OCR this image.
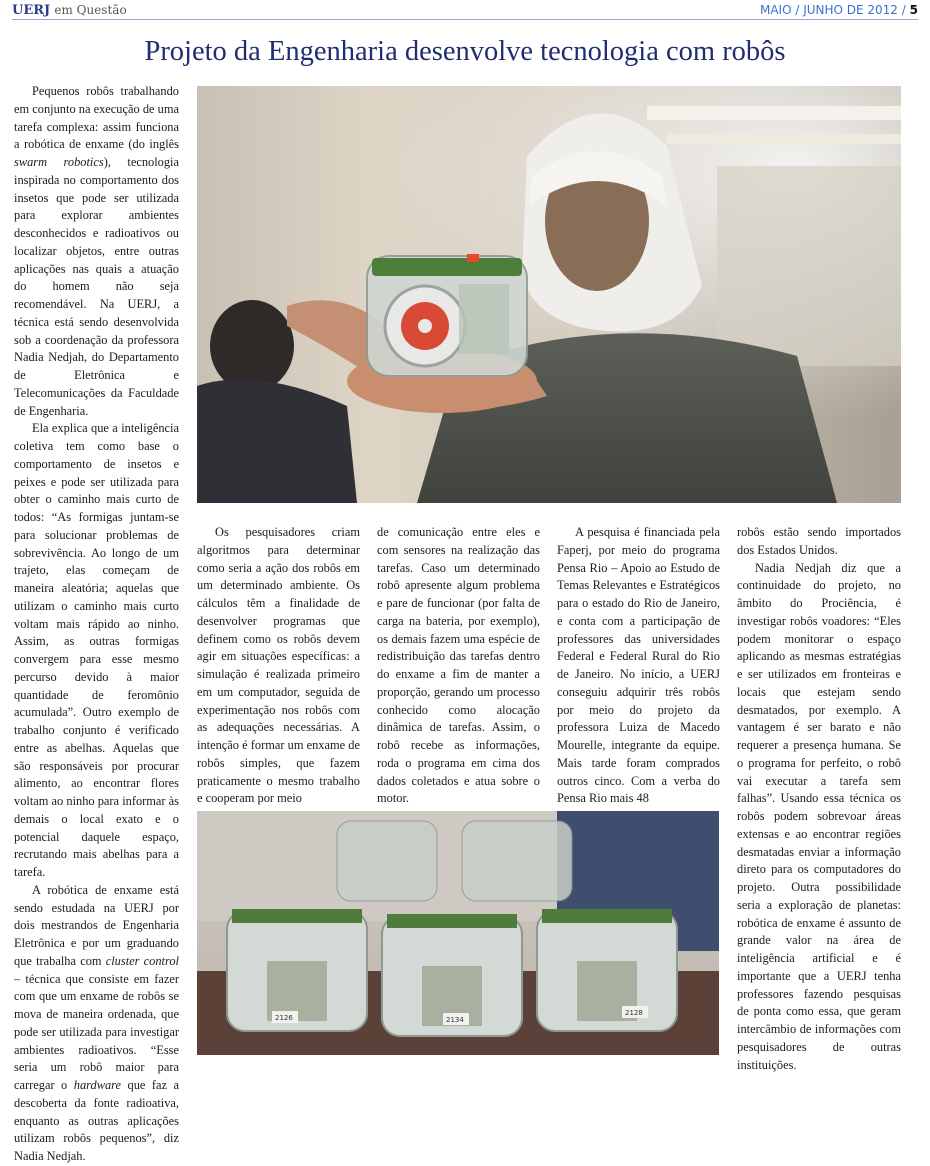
UERJ em Questão	MAIO / JUNHO DE 2012 / 5
Projeto da Engenharia desenvolve tecnologia com robôs
2126	2134
2128

Pequenos robôs trabalhando em conjunto na execução de uma tarefa complexa: assim funciona a robótica de enxame (do inglês swarm robotics), tecnologia inspirada no comportamento dos insetos que pode ser utilizada para explorar ambientes desconhecidos e radioativos ou localizar objetos, entre outras aplicações nas quais a atuação do homem não seja recomendável. Na UERJ, a técnica está sendo desenvolvida sob a coordenação da professora Nadia Nedjah, do Departamento de Eletrônica e Telecomunicações da Faculdade de Engenharia.

Ela explica que a inteligência coletiva tem como base o comportamento de insetos e peixes e pode ser utilizada para obter o caminho mais curto de todos: “As formigas juntam-se para solucionar problemas de sobrevivência. Ao longo de um trajeto, elas começam de maneira aleatória; aquelas que utilizam o caminho mais curto voltam mais rápido ao ninho. Assim, as outras formigas convergem para esse mesmo percurso devido à maior quantidade de feromônio acumulada”. Outro exemplo de trabalho conjunto é verificado entre as abelhas. Aquelas que são responsáveis por procurar alimento, ao encontrar flores voltam ao ninho para informar às demais o local exato e o potencial daquele espaço, recrutando mais abelhas para a tarefa.

A robótica de enxame está sendo estudada na UERJ por dois mestrandos de Engenharia Eletrônica e por um graduando que trabalha com cluster control – técnica que consiste em fazer com que um enxame de robôs se mova de maneira ordenada, que pode ser utilizada para investigar ambientes radioativos. “Esse seria um robô maior para carregar o hardware que faz a descoberta da fonte radioativa, enquanto as outras aplicações utilizam robôs pequenos”, diz Nadia Nedjah.

Os pesquisadores criam algoritmos para determinar como seria a ação dos robôs em um determinado ambiente. Os cálculos têm a finalidade de desenvolver programas que definem como os robôs devem agir em situações específicas: a simulação é realizada primeiro em um computador, seguida de experimentação nos robôs com as adequações necessárias. A intenção é formar um enxame de robôs simples, que fazem praticamente o mesmo trabalho e cooperam por meio

de comunicação entre eles e com sensores na realização das tarefas. Caso um determinado robô apresente algum problema e pare de funcionar (por falta de carga na bateria, por exemplo), os demais fazem uma espécie de redistribuição das tarefas dentro do enxame a fim de manter a proporção, gerando um processo conhecido como alocação dinâmica de tarefas. Assim, o robô recebe as informações, roda o programa em cima dos dados coletados e atua sobre o motor.

A pesquisa é financiada pela Faperj, por meio do programa Pensa Rio – Apoio ao Estudo de Temas Relevantes e Estratégicos para o estado do Rio de Janeiro, e conta com a participação de professores das universidades Federal e Federal Rural do Rio de Janeiro. No início, a UERJ conseguiu adquirir três robôs por meio do projeto da professora Luiza de Macedo Mourelle, integrante da equipe. Mais tarde foram comprados outros cinco. Com a verba do Pensa Rio mais 48

robôs estão sendo importados dos Estados Unidos.

Nadia Nedjah diz que a continuidade do projeto, no âmbito do Prociência, é investigar robôs voadores: “Eles podem monitorar o espaço aplicando as mesmas estratégias e ser utilizados em fronteiras e locais que estejam sendo desmatados, por exemplo. A vantagem é ser barato e não requerer a presença humana. Se o programa for perfeito, o robô vai executar a tarefa sem falhas”. Usando essa técnica os robôs podem sobrevoar áreas extensas e ao encontrar regiões desmatadas enviar a informação direto para os computadores do projeto. Outra possibilidade seria a exploração de planetas: robótica de enxame é assunto de grande valor na área de inteligência artificial e é importante que a UERJ tenha professores fazendo pesquisas de ponta como essa, que geram intercâmbio de informações com pesquisadores de outras instituições.
